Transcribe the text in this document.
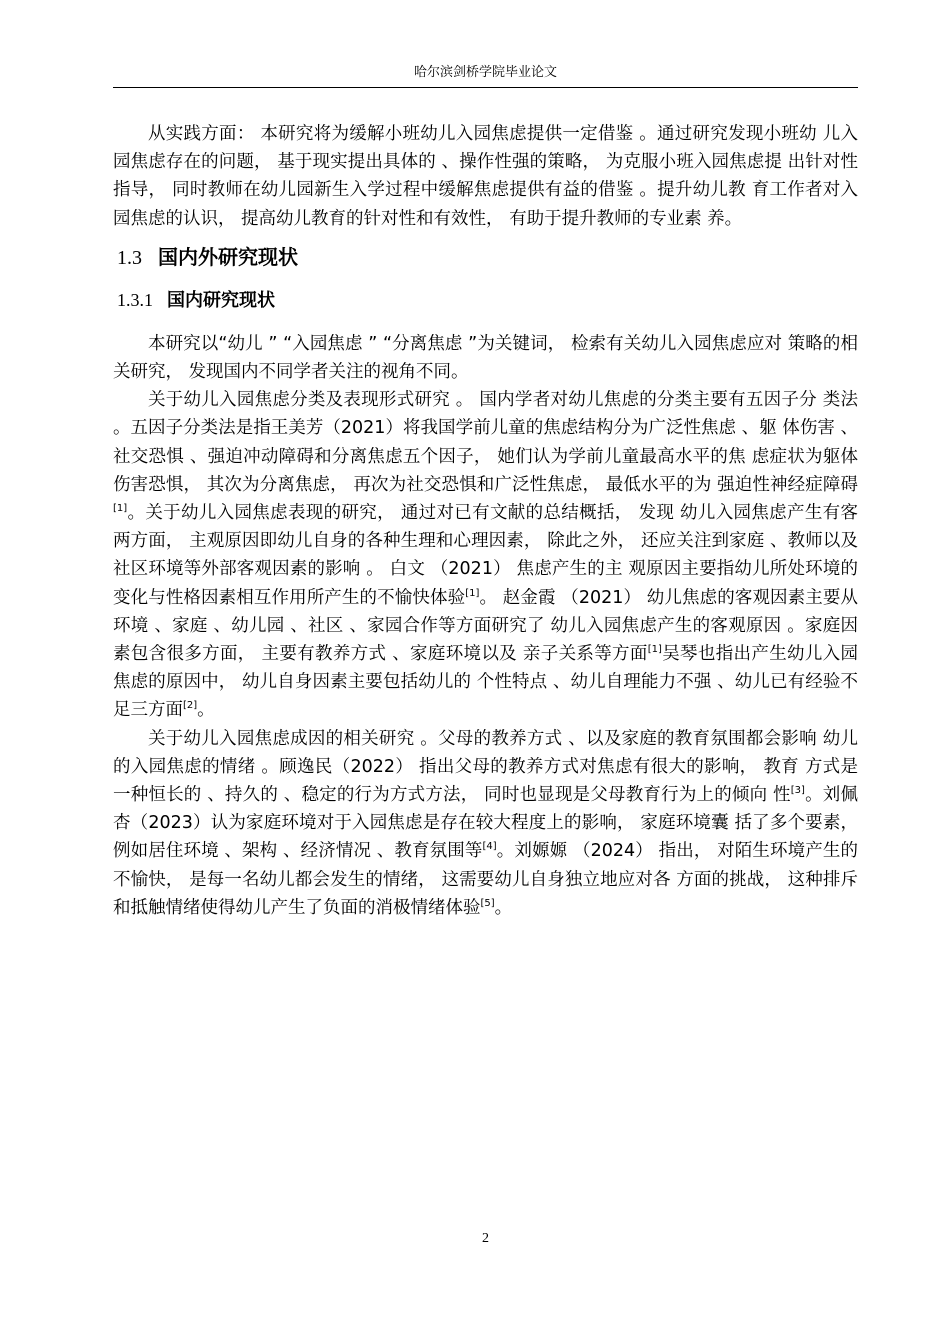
哈尔滨剑桥学院毕业论文

从实践方面： 本研究将为缓解小班幼儿入园焦虑提供一定借鉴 。通过研究发现小班幼 儿入园焦虑存在的问题， 基于现实提出具体的 、操作性强的策略， 为克服小班入园焦虑提 出针对性指导， 同时教师在幼儿园新生入学过程中缓解焦虑提供有益的借鉴 。提升幼儿教 育工作者对入园焦虑的认识， 提高幼儿教育的针对性和有效性， 有助于提升教师的专业素 养。

1.3 国内外研究现状
1.3.1 国内研究现状

本研究以“幼儿 ” “入园焦虑 ” “分离焦虑 ”为关键词， 检索有关幼儿入园焦虑应对 策略的相关研究， 发现国内不同学者关注的视角不同。

关于幼儿入园焦虑分类及表现形式研究 。 国内学者对幼儿焦虑的分类主要有五因子分 类法 。五因子分类法是指王美芳（2021）将我国学前儿童的焦虑结构分为广泛性焦虑 、躯 体伤害 、社交恐惧 、强迫冲动障碍和分离焦虑五个因子， 她们认为学前儿童最高水平的焦 虑症状为躯体伤害恐惧， 其次为分离焦虑， 再次为社交恐惧和广泛性焦虑， 最低水平的为 强迫性神经症障碍[1]。关于幼儿入园焦虑表现的研究， 通过对已有文献的总结概括， 发现 幼儿入园焦虑产生有客两方面， 主观原因即幼儿自身的各种生理和心理因素， 除此之外， 还应关注到家庭 、教师以及社区环境等外部客观因素的影响 。 白文 （2021） 焦虑产生的主 观原因主要指幼儿所处环境的变化与性格因素相互作用所产生的不愉快体验[1]。 赵金霞 （2021） 幼儿焦虑的客观因素主要从环境 、家庭 、幼儿园 、社区 、家园合作等方面研究了 幼儿入园焦虑产生的客观原因 。家庭因素包含很多方面， 主要有教养方式 、家庭环境以及 亲子关系等方面[1]吴琴也指出产生幼儿入园焦虑的原因中， 幼儿自身因素主要包括幼儿的 个性特点 、幼儿自理能力不强 、幼儿已有经验不足三方面[2]。

关于幼儿入园焦虑成因的相关研究 。父母的教养方式 、以及家庭的教育氛围都会影响 幼儿的入园焦虑的情绪 。顾逸民（2022） 指出父母的教养方式对焦虑有很大的影响， 教育 方式是一种恒长的 、持久的 、稳定的行为方式方法， 同时也显现是父母教育行为上的倾向 性[3]。刘佩杏（2023）认为家庭环境对于入园焦虑是存在较大程度上的影响， 家庭环境囊 括了多个要素， 例如居住环境 、架构 、经济情况 、教育氛围等[4]。刘嫄嫄 （2024） 指出， 对陌生环境产生的不愉快， 是每一名幼儿都会发生的情绪， 这需要幼儿自身独立地应对各 方面的挑战， 这种排斥和抵触情绪使得幼儿产生了负面的消极情绪体验[5]。

2
